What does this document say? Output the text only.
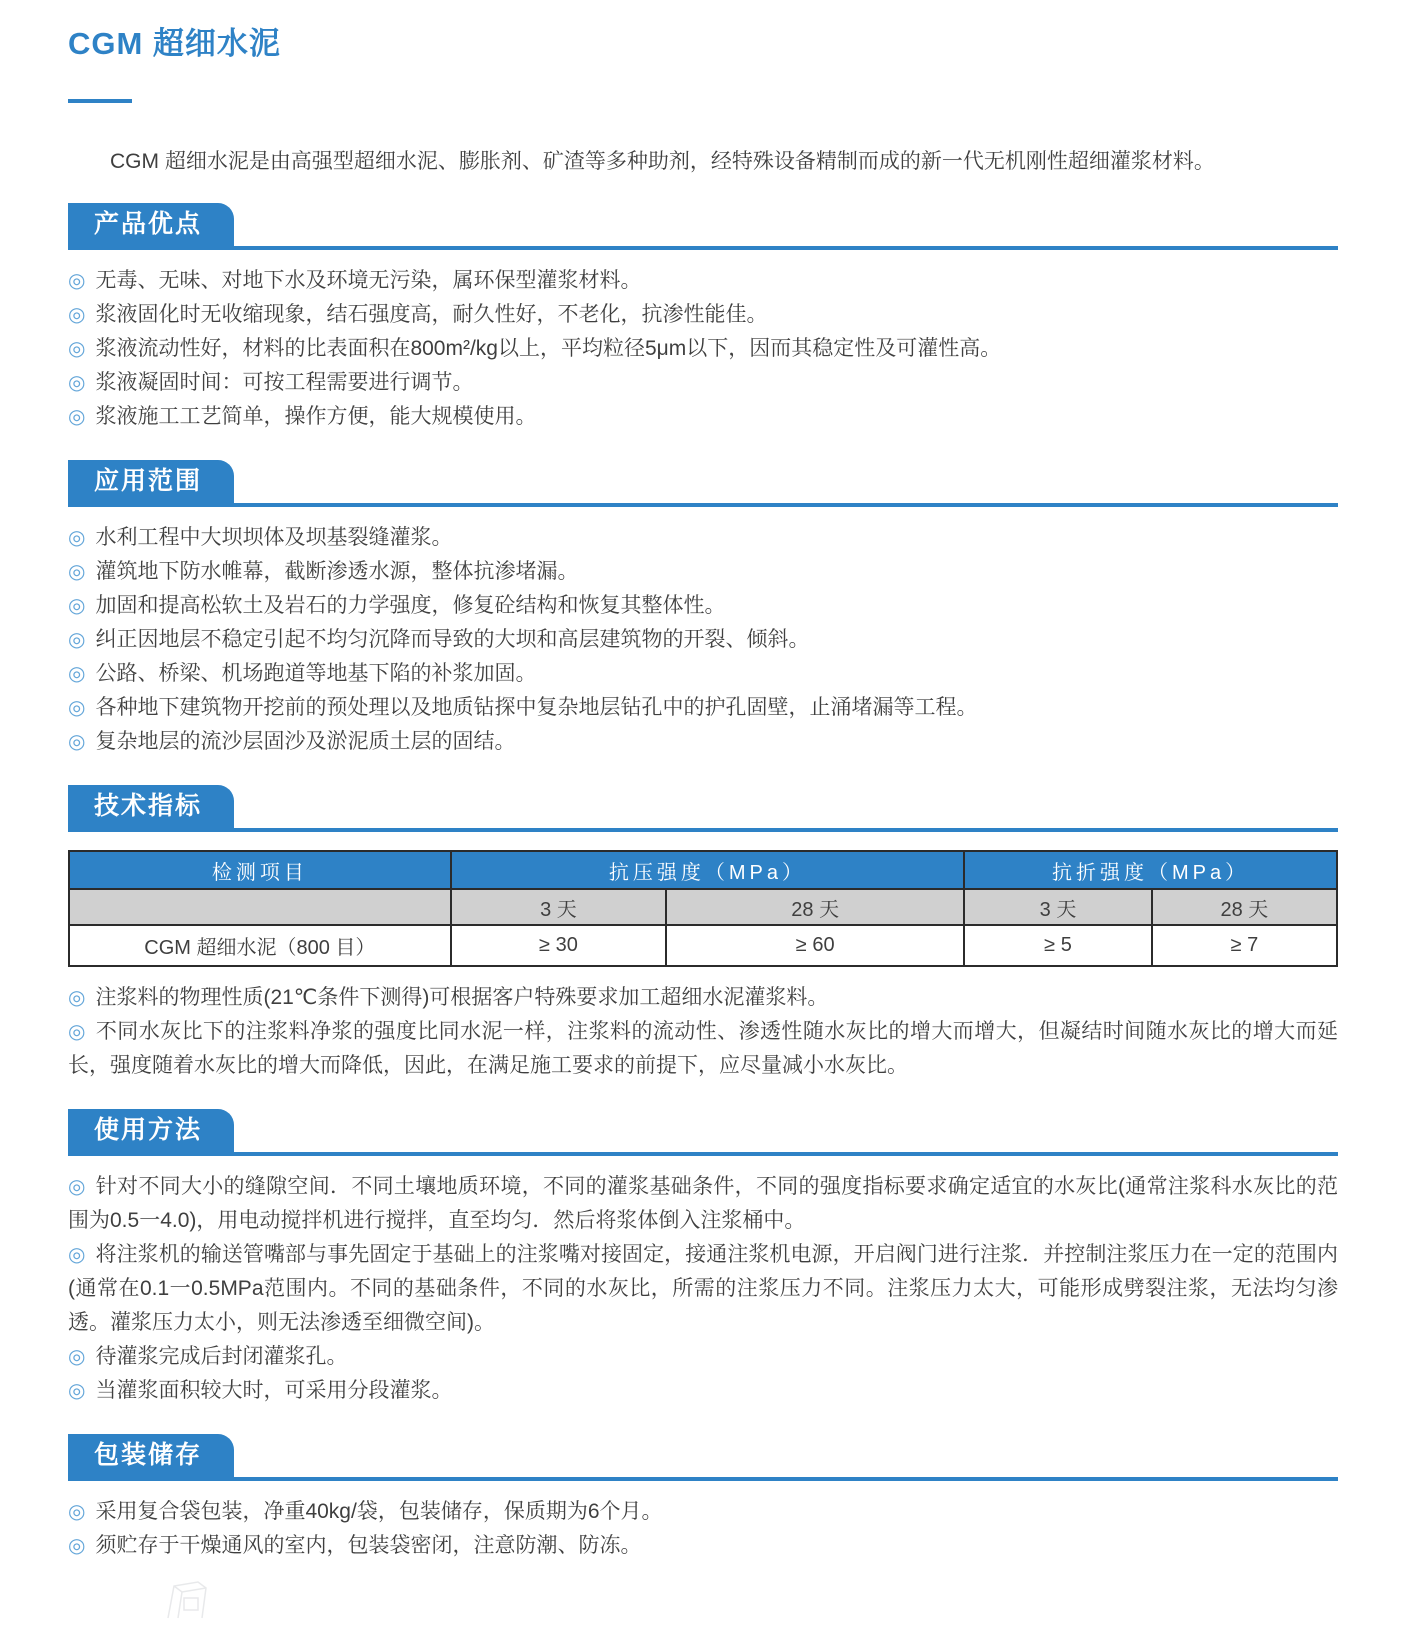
CGM 超细水泥

CGM 超细水泥是由高强型超细水泥、膨胀剂、矿渣等多种助剂，经特殊设备精制而成的新一代无机刚性超细灌浆材料。

产品优点
◎ 无毒、无味、对地下水及环境无污染，属环保型灌浆材料。
◎ 浆液固化时无收缩现象，结石强度高，耐久性好，不老化，抗渗性能佳。
◎ 浆液流动性好，材料的比表面积在800m²/kg以上，平均粒径5μm以下，因而其稳定性及可灌性高。
◎ 浆液凝固时间：可按工程需要进行调节。
◎ 浆液施工工艺简单，操作方便，能大规模使用。
应用范围
◎ 水利工程中大坝坝体及坝基裂缝灌浆。
◎ 灌筑地下防水帷幕，截断渗透水源，整体抗渗堵漏。
◎ 加固和提高松软土及岩石的力学强度，修复砼结构和恢复其整体性。
◎ 纠正因地层不稳定引起不均匀沉降而导致的大坝和高层建筑物的开裂、倾斜。
◎ 公路、桥梁、机场跑道等地基下陷的补浆加固。
◎ 各种地下建筑物开挖前的预处理以及地质钻探中复杂地层钻孔中的护孔固壁，止涌堵漏等工程。
◎ 复杂地层的流沙层固沙及淤泥质土层的固结。
技术指标
检测项目	抗压强度（MPa）		抗折强度（MPa）	
	3 天	28 天	3 天	28 天
CGM 超细水泥（800 目）	≥ 30	≥ 60	≥ 5	≥ 7
◎ 注浆料的物理性质(21℃条件下测得)可根据客户特殊要求加工超细水泥灌浆料。
◎ 不同水灰比下的注浆料净浆的强度比同水泥一样，注浆料的流动性、渗透性随水灰比的增大而增大，但凝结时间随水灰比的增大而延长，强度随着水灰比的增大而降低，因此，在满足施工要求的前提下，应尽量减小水灰比。
使用方法
◎ 针对不同大小的缝隙空间．不同土壤地质环境，不同的灌浆基础条件，不同的强度指标要求确定适宜的水灰比(通常注浆科水灰比的范围为0.5一4.0)，用电动搅拌机进行搅拌，直至均匀．然后将浆体倒入注浆桶中。
◎ 将注浆机的输送管嘴部与事先固定于基础上的注浆嘴对接固定，接通注浆机电源，开启阀门进行注浆．并控制注浆压力在一定的范围内(通常在0.1一0.5MPa范围内。不同的基础条件，不同的水灰比，所需的注浆压力不同。注浆压力太大，可能形成劈裂注浆，无法均匀渗透。灌浆压力太小，则无法渗透至细微空间)。
◎ 待灌浆完成后封闭灌浆孔。
◎ 当灌浆面积较大时，可采用分段灌浆。
包装储存
◎ 采用复合袋包装，净重40kg/袋，包装储存，保质期为6个月。
◎ 须贮存于干燥通风的室内，包装袋密闭，注意防潮、防冻。
